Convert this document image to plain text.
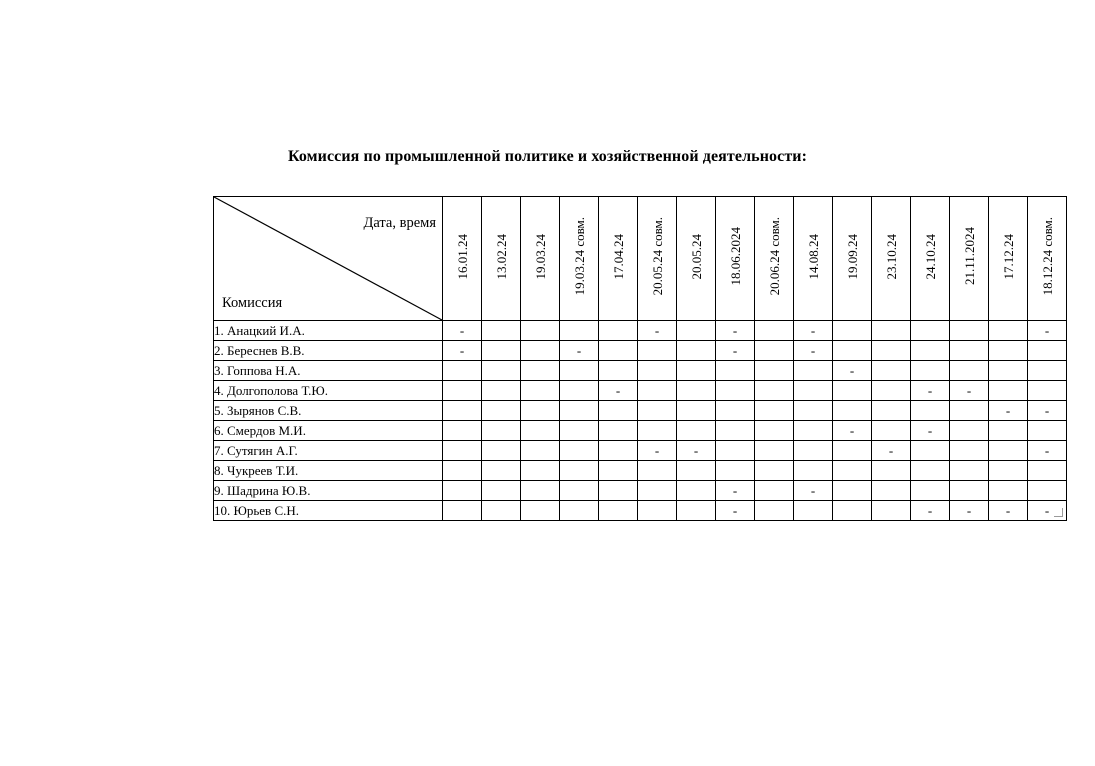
Комиссия по промышленной политике и хозяйственной деятельности:
Дата, время
Комиссия	16.01.24	13.02.24	19.03.24	19.03.24 совм.	17.04.24	20.05.24 совм.	20.05.24	18.06.2024	20.06.24 совм.	14.08.24	19.09.24	23.10.24	24.10.24	21.11.2024	17.12.24	18.12.24 совм.

1. Анацкий И.А.	-					-		-		-						-

2. Береснев В.В.	-			-				-		-						

3. Гоппова Н.А.											-					

4. Долгополова Т.Ю.					-								-	-		

5. Зырянов С.В.															-	-

6. Смердов М.И.											-		-			

7. Сутягин А.Г.						-	-					-				-

8. Чукреев Т.И.																

9. Шадрина Ю.В.								-		-						

10. Юрьев С.Н.								-					-	-	-	-
